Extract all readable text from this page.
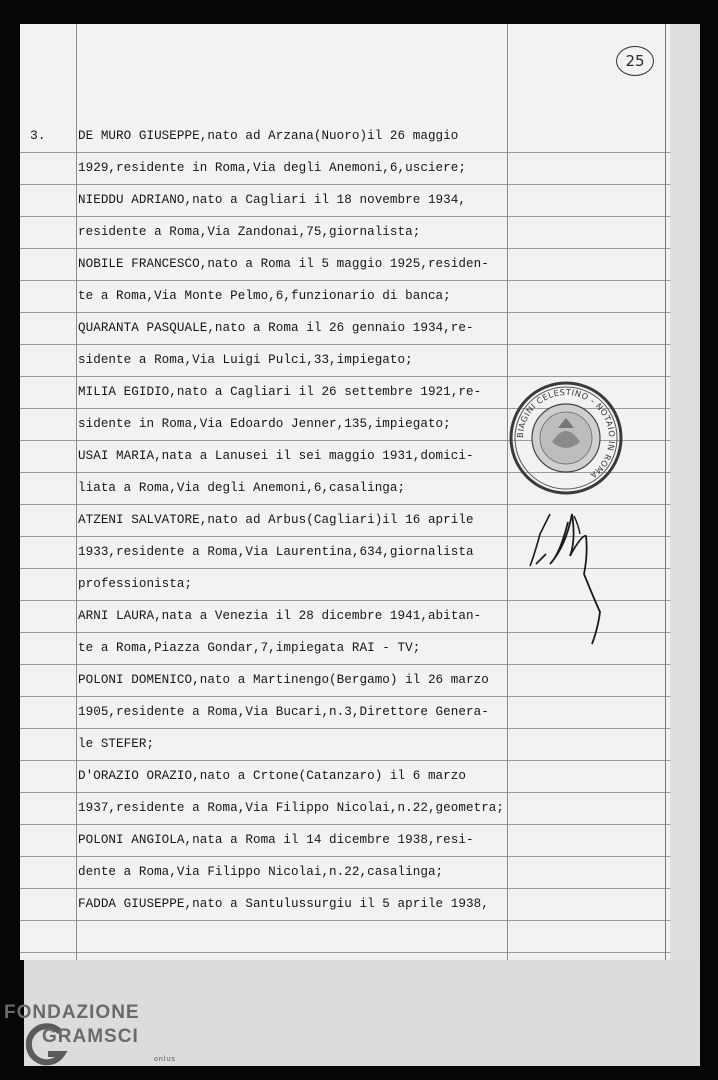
25
3.	DE MURO GIUSEPPE,nato ad Arzana(Nuoro)il 26 maggio
1929,residente in Roma,Via degli Anemoni,6,usciere;
NIEDDU ADRIANO,nato a Cagliari il 18 novembre 1934,
residente a Roma,Via Zandonai,75,giornalista;
NOBILE FRANCESCO,nato a Roma il 5 maggio 1925,residen-
te a Roma,Via Monte Pelmo,6,funzionario di banca;
QUARANTA PASQUALE,nato a Roma il 26 gennaio 1934,re-
sidente a Roma,Via Luigi Pulci,33,impiegato;
MILIA EGIDIO,nato a Cagliari il 26 settembre 1921,re-
sidente in Roma,Via Edoardo Jenner,135,impiegato;
USAI MARIA,nata a Lanusei il sei maggio 1931,domici-
liata a Roma,Via degli Anemoni,6,casalinga;
ATZENI SALVATORE,nato ad Arbus(Cagliari)il 16 aprile
1933,residente a Roma,Via Laurentina,634,giornalista
professionista;
ARNI LAURA,nata a Venezia il 28 dicembre 1941,abitan-
te a Roma,Piazza Gondar,7,impiegata RAI - TV;
POLONI DOMENICO,nato a Martinengo(Bergamo) il 26 marzo
1905,residente a Roma,Via Bucari,n.3,Direttore Genera-
le STEFER;
D'ORAZIO ORAZIO,nato a Crtone(Catanzaro) il 6 marzo
1937,residente a Roma,Via Filippo Nicolai,n.22,geometra;
POLONI ANGIOLA,nata a Roma il 14 dicembre 1938,resi-
dente a Roma,Via Filippo Nicolai,n.22,casalinga;
FADDA GIUSEPPE,nato a Santulussurgiu il 5 aprile 1938,
BIAGINI CELESTINO - NOTAIO IN ROMA
FONDAZIONE
GRAMSCI
onlus
